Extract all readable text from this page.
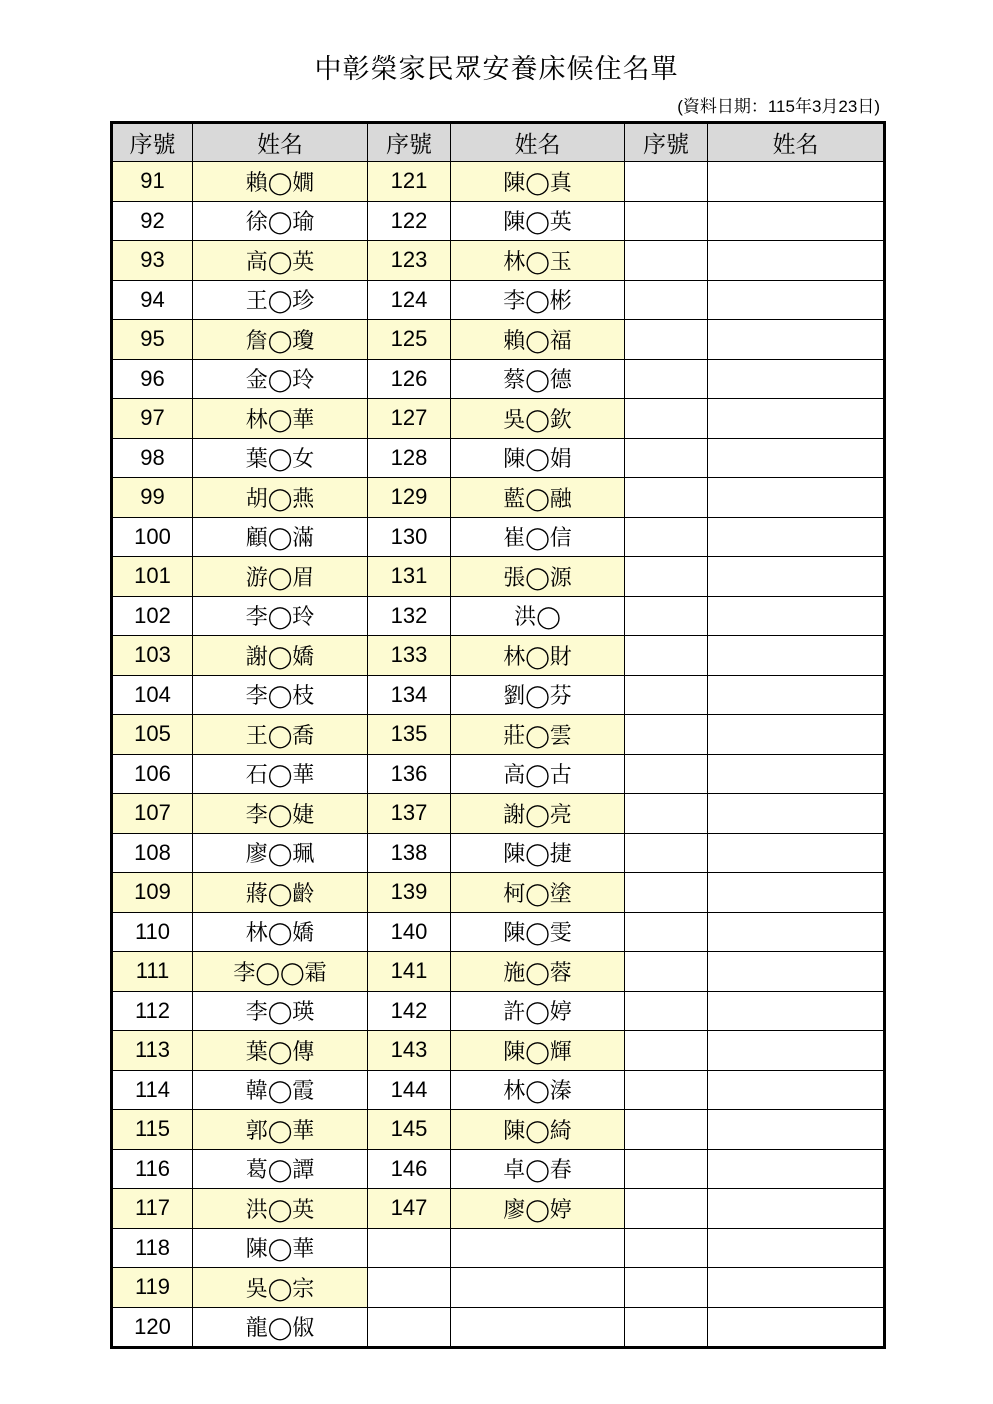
中彰榮家民眾安養床候住名單
(資料日期：115年3月23日)
序號	姓名	序號	姓名	序號	姓名
91	賴◯嫺	121	陳◯真		
92	徐◯瑜	122	陳◯英		
93	高◯英	123	林◯玉		
94	王◯珍	124	李◯彬		
95	詹◯瓊	125	賴◯福		
96	金◯玲	126	蔡◯德		
97	林◯華	127	吳◯欽		
98	葉◯女	128	陳◯娟		
99	胡◯燕	129	藍◯融		
100	顧◯滿	130	崔◯信		
101	游◯眉	131	張◯源		
102	李◯玲	132	洪◯		
103	謝◯嬌	133	林◯財		
104	李◯枝	134	劉◯芬		
105	王◯喬	135	莊◯雲		
106	石◯華	136	高◯古		
107	李◯婕	137	謝◯亮		
108	廖◯珮	138	陳◯捷		
109	蔣◯齡	139	柯◯塗		
110	林◯嬌	140	陳◯雯		
111	李◯◯霜	141	施◯蓉		
112	李◯瑛	142	許◯婷		
113	葉◯傳	143	陳◯輝		
114	韓◯霞	144	林◯溱		
115	郭◯華	145	陳◯綺		
116	葛◯譚	146	卓◯春		
117	洪◯英	147	廖◯婷		
118	陳◯華				
119	吳◯宗				
120	龍◯俶				
